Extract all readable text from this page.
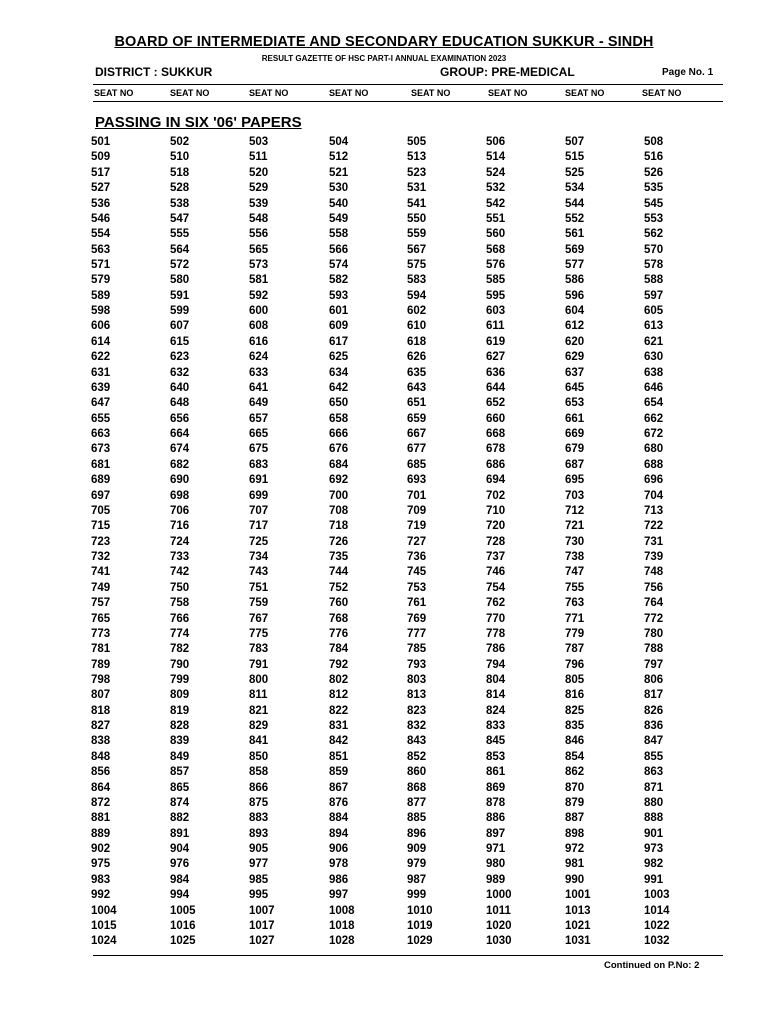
BOARD OF INTERMEDIATE AND SECONDARY EDUCATION SUKKUR - SINDH
RESULT GAZETTE OF HSC PART-I ANNUAL EXAMINATION 2023
DISTRICT : SUKKUR	GROUP: PRE-MEDICAL	Page No. 1
SEAT NO	SEAT NO	SEAT NO	SEAT NO	SEAT NO	SEAT NO	SEAT NO	SEAT NO
PASSING IN SIX '06' PAPERS
501	502	503	504	505	506	507	508
509	510	511	512	513	514	515	516
517	518	520	521	523	524	525	526
527	528	529	530	531	532	534	535
536	538	539	540	541	542	544	545
546	547	548	549	550	551	552	553
554	555	556	558	559	560	561	562
563	564	565	566	567	568	569	570
571	572	573	574	575	576	577	578
579	580	581	582	583	585	586	588
589	591	592	593	594	595	596	597
598	599	600	601	602	603	604	605
606	607	608	609	610	611	612	613
614	615	616	617	618	619	620	621
622	623	624	625	626	627	629	630
631	632	633	634	635	636	637	638
639	640	641	642	643	644	645	646
647	648	649	650	651	652	653	654
655	656	657	658	659	660	661	662
663	664	665	666	667	668	669	672
673	674	675	676	677	678	679	680
681	682	683	684	685	686	687	688
689	690	691	692	693	694	695	696
697	698	699	700	701	702	703	704
705	706	707	708	709	710	712	713
715	716	717	718	719	720	721	722
723	724	725	726	727	728	730	731
732	733	734	735	736	737	738	739
741	742	743	744	745	746	747	748
749	750	751	752	753	754	755	756
757	758	759	760	761	762	763	764
765	766	767	768	769	770	771	772
773	774	775	776	777	778	779	780
781	782	783	784	785	786	787	788
789	790	791	792	793	794	796	797
798	799	800	802	803	804	805	806
807	809	811	812	813	814	816	817
818	819	821	822	823	824	825	826
827	828	829	831	832	833	835	836
838	839	841	842	843	845	846	847
848	849	850	851	852	853	854	855
856	857	858	859	860	861	862	863
864	865	866	867	868	869	870	871
872	874	875	876	877	878	879	880
881	882	883	884	885	886	887	888
889	891	893	894	896	897	898	901
902	904	905	906	909	971	972	973
975	976	977	978	979	980	981	982
983	984	985	986	987	989	990	991
992	994	995	997	999	1000	1001	1003
1004	1005	1007	1008	1010	1011	1013	1014
1015	1016	1017	1018	1019	1020	1021	1022
1024	1025	1027	1028	1029	1030	1031	1032
Continued on P.No: 2
